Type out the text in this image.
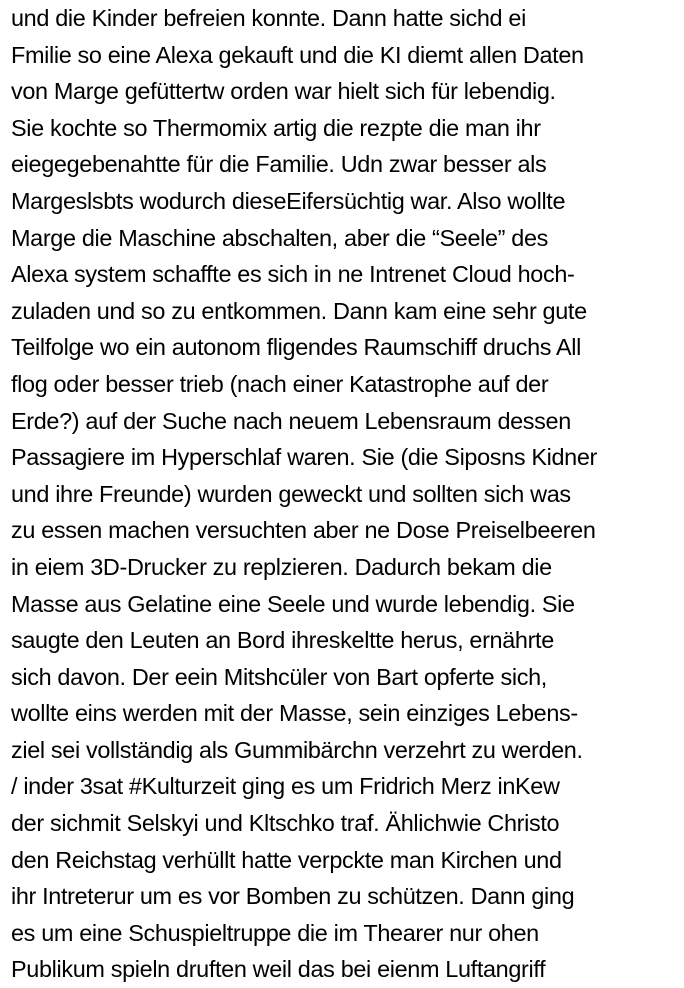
und die Kinder befreien konnte. Dann hatte sichd ei
Fmilie so eine Alexa gekauft und die KI diemt allen Daten
von Marge gefüttertw orden war hielt sich für lebendig.
Sie kochte so Thermomix artig die rezpte die man ihr
eiegegebenahtte für die Familie. Udn zwar besser als
Margeslsbts wodurch dieseEifersüchtig war. Also wollte
Marge die Maschine abschalten, aber die “Seele” des
Alexa system schaffte es sich in ne Intrenet Cloud hoch-
zuladen und so zu entkommen. Dann kam eine sehr gute
Teilfolge wo ein autonom fligendes Raumschiff druchs All
flog oder besser trieb (nach einer Katastrophe auf der
Erde?) auf der Suche nach neuem Lebensraum dessen
Passagiere im Hyperschlaf waren. Sie (die Siposns Kidner
und ihre Freunde) wurden geweckt und sollten sich was
zu essen machen versuchten aber ne Dose Preiselbeeren
in eiem 3D-Drucker zu replzieren. Dadurch bekam die
Masse aus Gelatine eine Seele und wurde lebendig. Sie
saugte den Leuten an Bord ihreskeltte herus, ernährte
sich davon. Der eein Mitshcüler von Bart opferte sich,
wollte eins werden mit der Masse, sein einziges Lebens-
ziel sei vollständig als Gummibärchn verzehrt zu werden.
/ inder 3sat #Kulturzeit ging es um Fridrich Merz inKew
der sichmit Selskyi und Kltschko traf. Ählichwie Christo
den Reichstag verhüllt hatte verpckte man Kirchen und
ihr Intreterur um es vor Bomben zu schützen. Dann ging
es um eine Schuspieltruppe die im Thearer nur ohen
Publikum spieln druften weil das bei eienm Luftangriff
